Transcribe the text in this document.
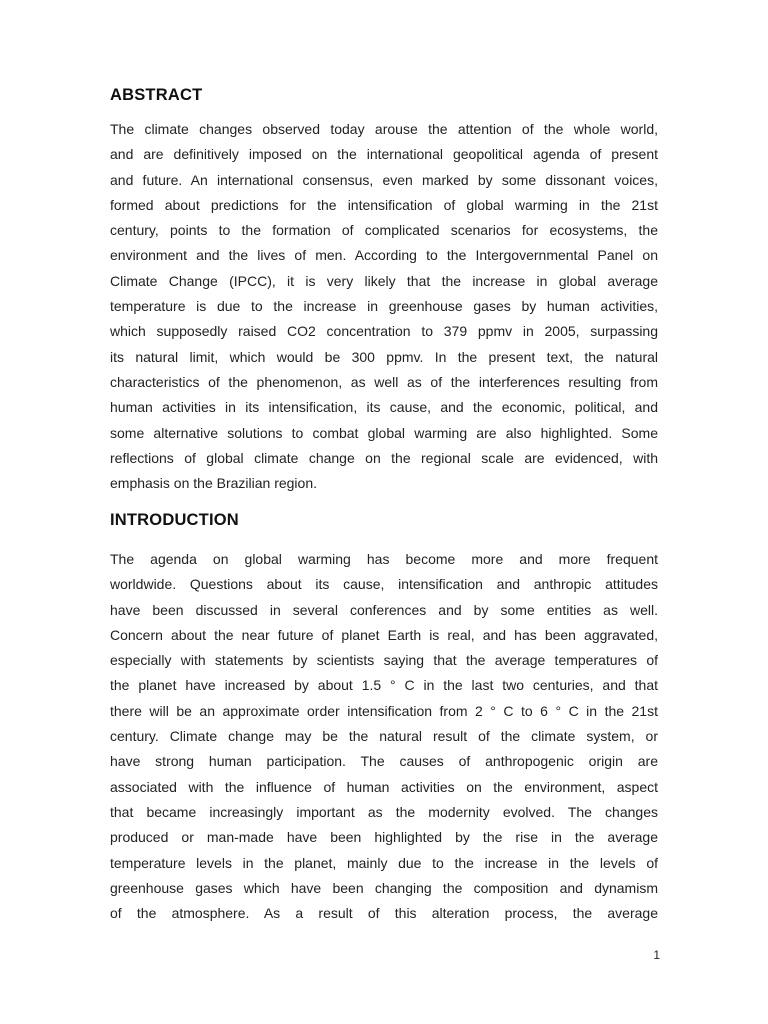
ABSTRACT
The climate changes observed today arouse the attention of the whole world,
and are definitively imposed on the international geopolitical agenda of present
and future. An international consensus, even marked by some dissonant voices,
formed about predictions for the intensification of global warming in the 21st
century, points to the formation of complicated scenarios for ecosystems, the
environment and the lives of men. According to the Intergovernmental Panel on
Climate Change (IPCC), it is very likely that the increase in global average
temperature is due to the increase in greenhouse gases by human activities,
which supposedly raised CO2 concentration to 379 ppmv in 2005, surpassing
its natural limit, which would be 300 ppmv. In the present text, the natural
characteristics of the phenomenon, as well as of the interferences resulting from
human activities in its intensification, its cause, and the economic, political, and
some alternative solutions to combat global warming are also highlighted. Some
reflections of global climate change on the regional scale are evidenced, with
emphasis on the Brazilian region.
INTRODUCTION
The agenda on global warming has become more and more frequent
worldwide. Questions about its cause, intensification and anthropic attitudes
have been discussed in several conferences and by some entities as well.
Concern about the near future of planet Earth is real, and has been aggravated,
especially with statements by scientists saying that the average temperatures of
the planet have increased by about 1.5 ° C in the last two centuries, and that
there will be an approximate order intensification from 2 ° C to 6 ° C in the 21st
century. Climate change may be the natural result of the climate system, or
have strong human participation. The causes of anthropogenic origin are
associated with the influence of human activities on the environment, aspect
that became increasingly important as the modernity evolved. The changes
produced or man-made have been highlighted by the rise in the average
temperature levels in the planet, mainly due to the increase in the levels of
greenhouse gases which have been changing the composition and dynamism
of the atmosphere. As a result of this alteration process, the average
1
